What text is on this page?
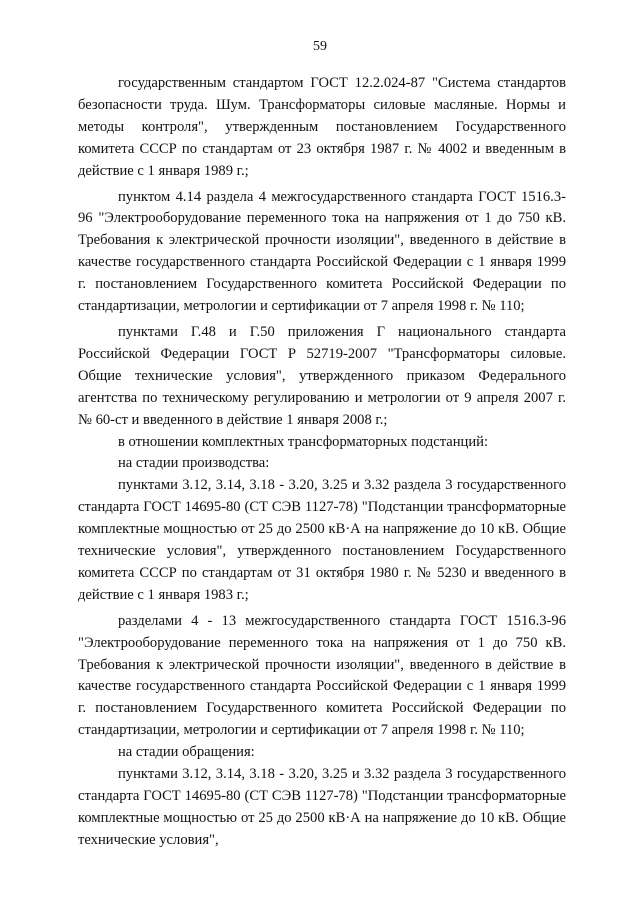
59

государственным стандартом ГОСТ 12.2.024-87 "Система стандартов безопасности труда. Шум. Трансформаторы силовые масляные. Нормы и методы контроля", утвержденным постановлением Государственного комитета СССР по стандартам от 23 октября 1987 г. № 4002 и введенным в действие с 1 января 1989 г.;

пунктом 4.14 раздела 4 межгосударственного стандарта ГОСТ 1516.3-96 "Электрооборудование переменного тока на напряжения от 1 до 750 кВ. Требования к электрической прочности изоляции", введенного в действие в качестве государственного стандарта Российской Федерации с 1 января 1999 г. постановлением Государственного комитета Российской Федерации по стандартизации, метрологии и сертификации от 7 апреля 1998 г. № 110;

пунктами Г.48 и Г.50 приложения Г национального стандарта Российской Федерации ГОСТ Р 52719-2007 "Трансформаторы силовые. Общие технические условия", утвержденного приказом Федерального агентства по техническому регулированию и метрологии от 9 апреля 2007 г. № 60-ст и введенного в действие 1 января 2008 г.;

в отношении комплектных трансформаторных подстанций:

на стадии производства:

пунктами 3.12, 3.14, 3.18 - 3.20, 3.25 и 3.32 раздела 3 государственного стандарта ГОСТ 14695-80 (СТ СЭВ 1127-78) "Подстанции трансформаторные комплектные мощностью от 25 до 2500 кВ·А на напряжение до 10 кВ. Общие технические условия", утвержденного постановлением Государственного комитета СССР по стандартам от 31 октября 1980 г. № 5230 и введенного в действие с 1 января 1983 г.;

разделами 4 - 13 межгосударственного стандарта ГОСТ 1516.3-96 "Электрооборудование переменного тока на напряжения от 1 до 750 кВ. Требования к электрической прочности изоляции", введенного в действие в качестве государственного стандарта Российской Федерации с 1 января 1999 г. постановлением Государственного комитета Российской Федерации по стандартизации, метрологии и сертификации от 7 апреля 1998 г. № 110;

на стадии обращения:

пунктами 3.12, 3.14, 3.18 - 3.20, 3.25 и 3.32 раздела 3 государственного стандарта ГОСТ 14695-80 (СТ СЭВ 1127-78) "Подстанции трансформаторные комплектные мощностью от 25 до 2500 кВ·А на напряжение до 10 кВ. Общие технические условия",
